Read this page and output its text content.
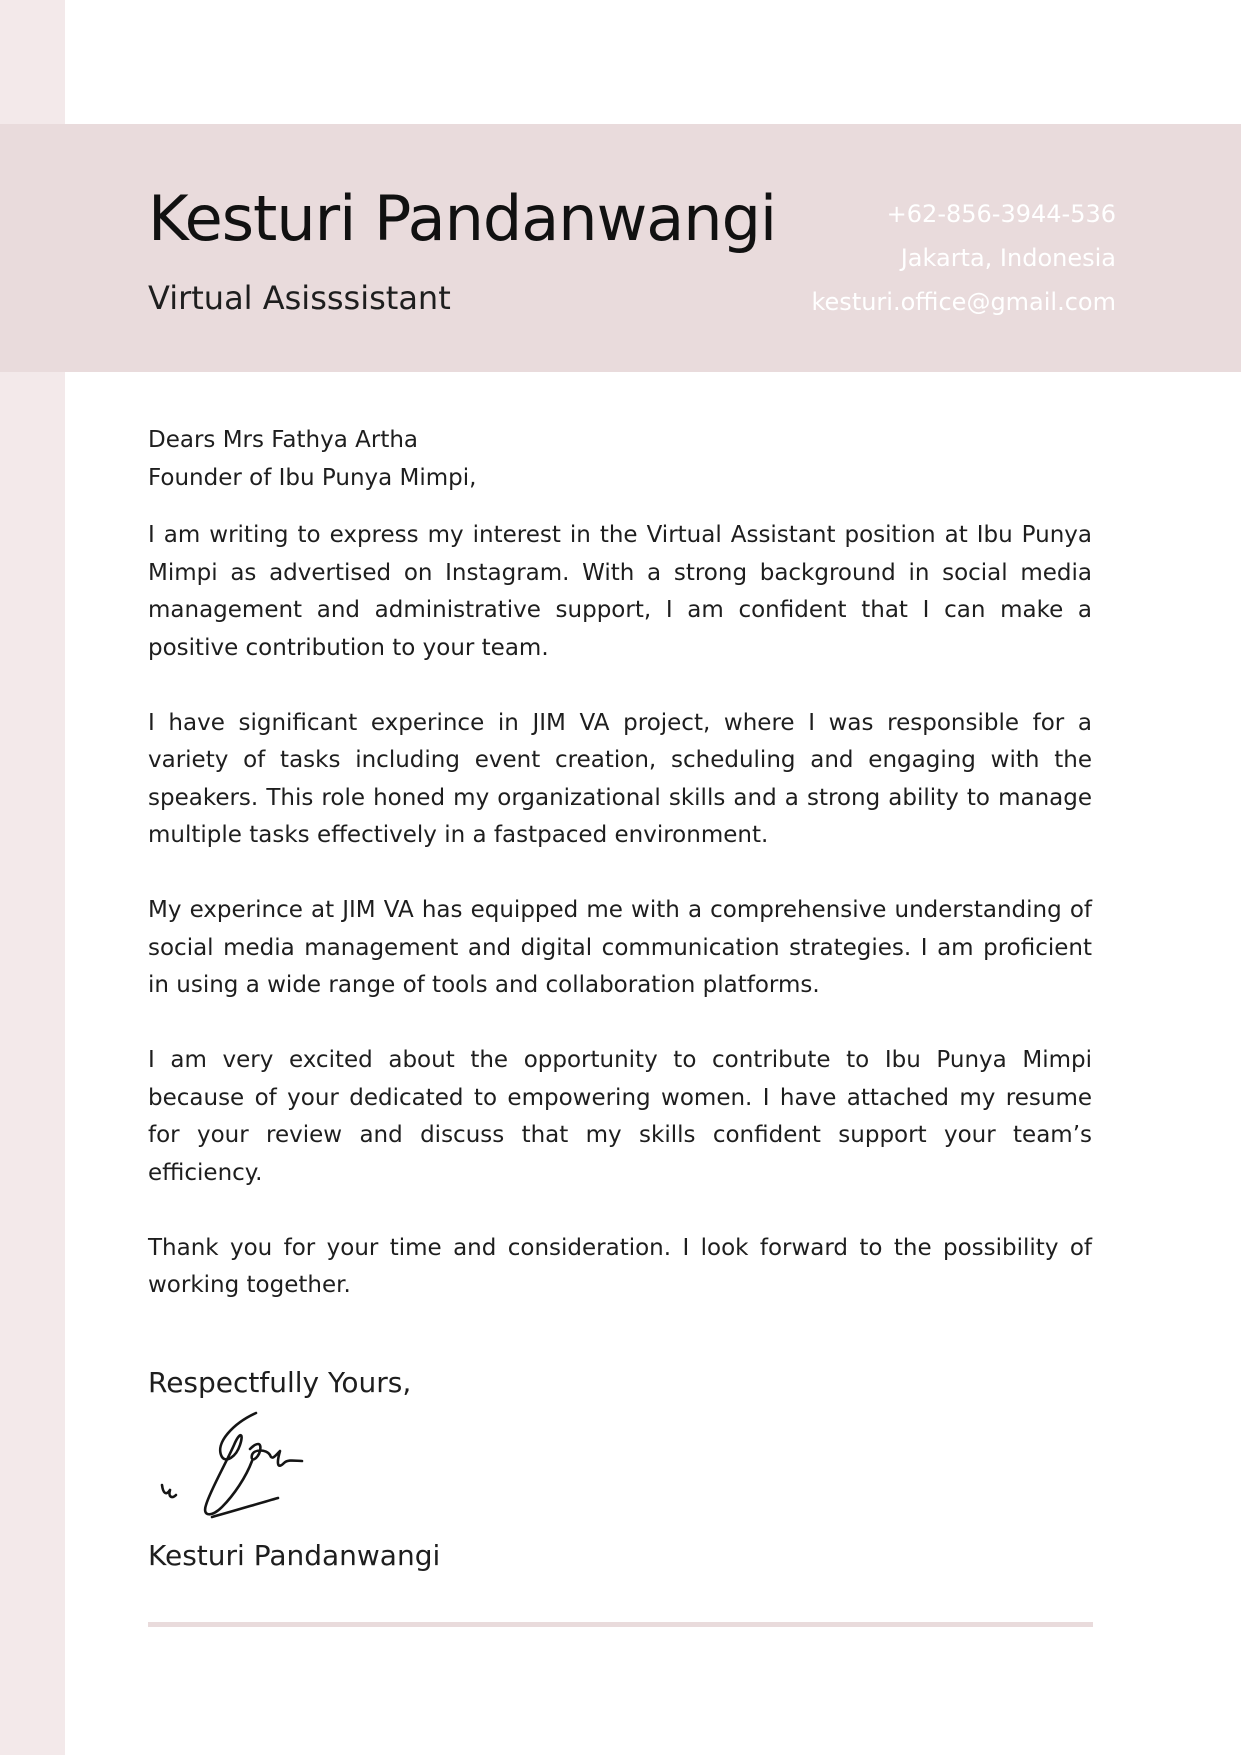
Kesturi Pandanwangi
Virtual Asisssistant
+62-856-3944-536
Jakarta, Indonesia
kesturi.office@gmail.com
Dears Mrs Fathya Artha
Founder of Ibu Punya Mimpi,

I am writing to express my interest in the Virtual Assistant position at Ibu Punya Mimpi as advertised on Instagram. With a strong background in social media management and administrative support, I am confident that I can make a positive contribution to your team.

I have significant experince in JIM VA project, where I was responsible for a variety of tasks including event creation, scheduling and engaging with the speakers. This role honed my organizational skills and a strong ability to manage multiple tasks effectively in a fastpaced environment.

My experince at JIM VA has equipped me with a comprehensive understanding of social media management and digital communication strategies. I am proficient in using a wide range of tools and collaboration platforms.

I am very excited about the opportunity to contribute to Ibu Punya Mimpi because of your dedicated to empowering women. I have attached my resume for your review and discuss that my skills confident support your team’s efficiency.

Thank you for your time and consideration. I look forward to the possibility of working together.

Respectfully Yours,
Kesturi Pandanwangi
